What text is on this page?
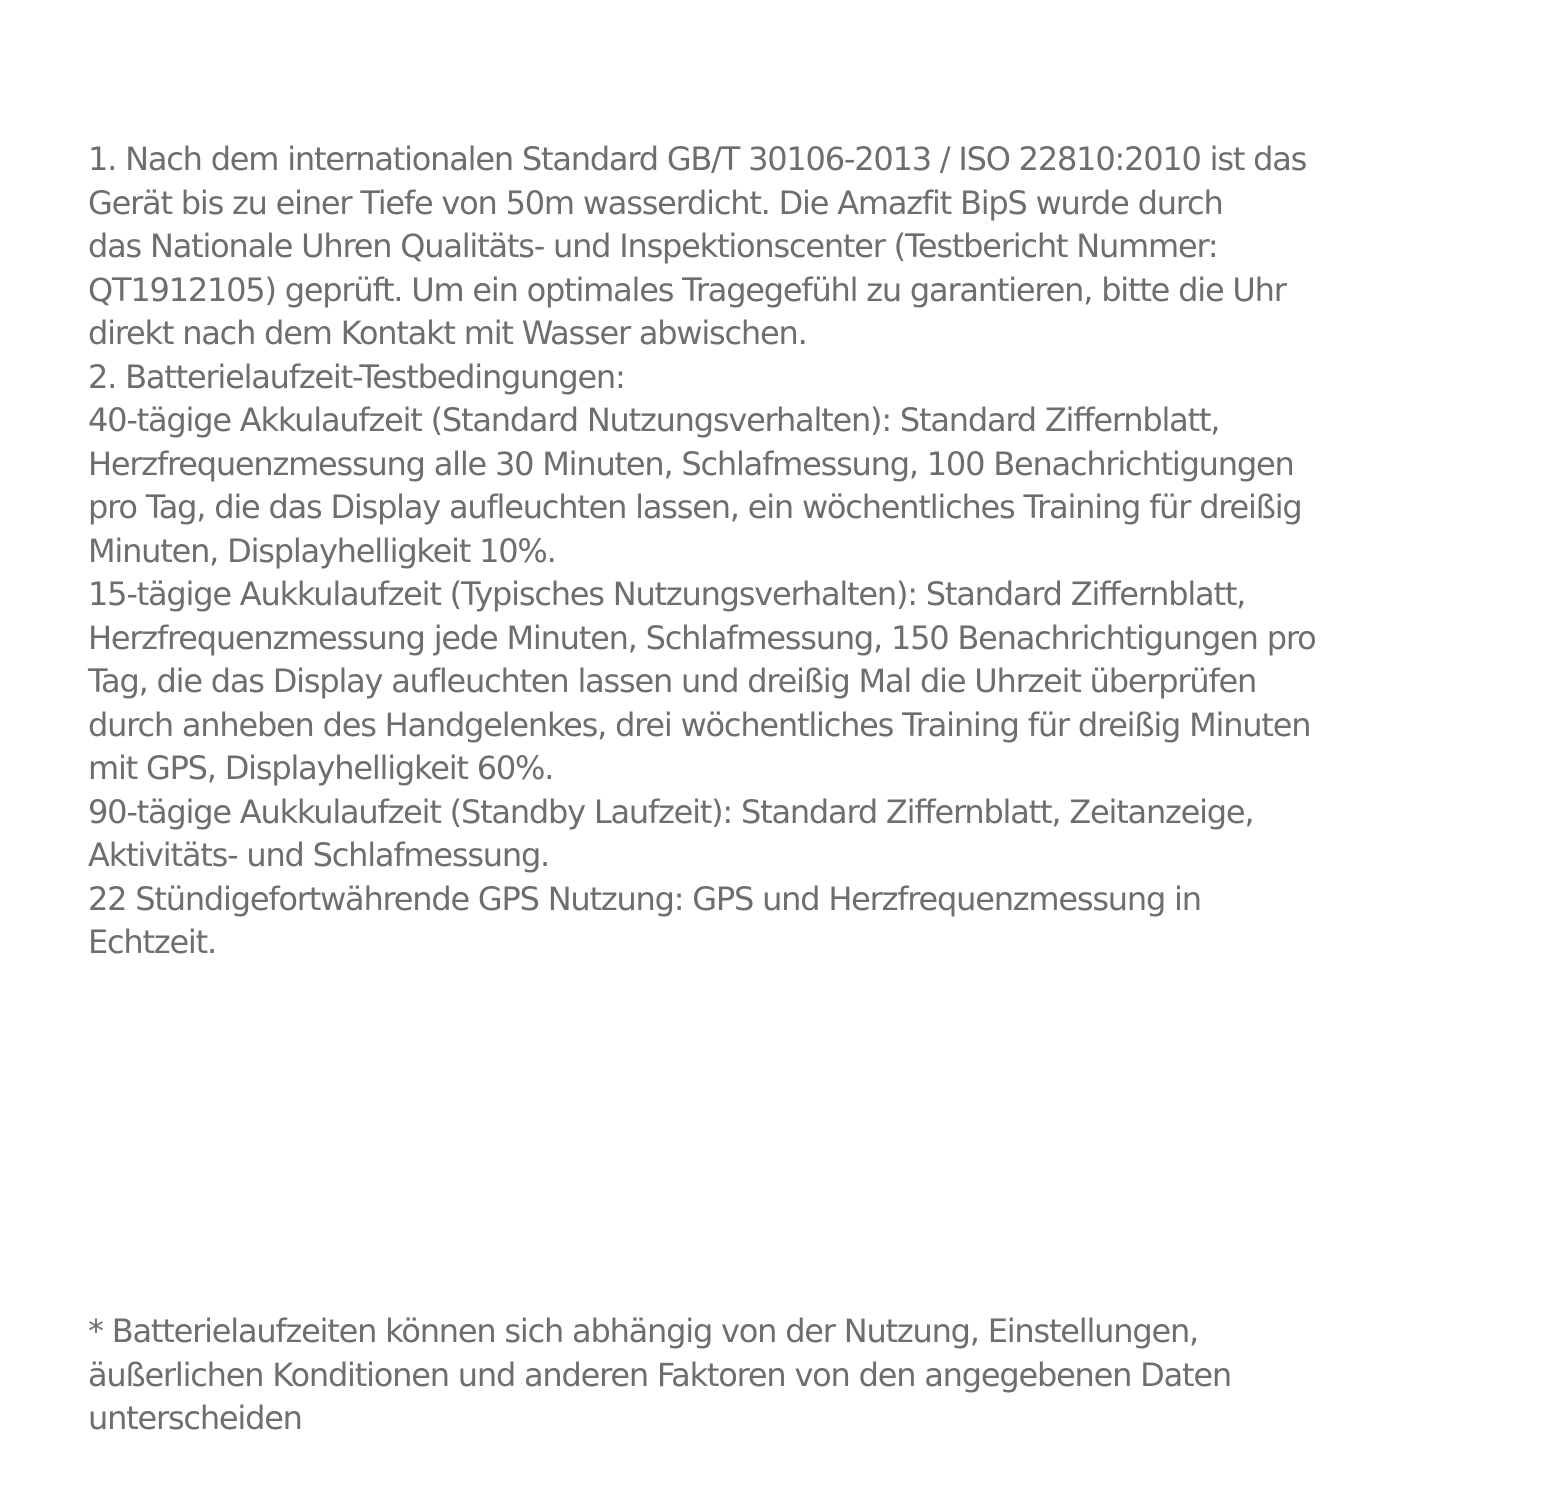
1. Nach dem internationalen Standard GB/T 30106-2013 / ISO 22810:2010 ist das
Gerät bis zu einer Tiefe von 50m wasserdicht. Die Amazfit BipS wurde durch
das Nationale Uhren Qualitäts- und Inspektionscenter (Testbericht Nummer:
QT1912105) geprüft. Um ein optimales Tragegefühl zu garantieren, bitte die Uhr
direkt nach dem Kontakt mit Wasser abwischen.

2. Batterielaufzeit-Testbedingungen:

40-tägige Akkulaufzeit (Standard Nutzungsverhalten): Standard Ziffernblatt,
Herzfrequenzmessung alle 30 Minuten, Schlafmessung, 100 Benachrichtigungen
pro Tag, die das Display aufleuchten lassen, ein wöchentliches Training für dreißig
Minuten, Displayhelligkeit 10%.

15-tägige Aukkulaufzeit (Typisches Nutzungsverhalten): Standard Ziffernblatt,
Herzfrequenzmessung jede Minuten, Schlafmessung, 150 Benachrichtigungen pro
Tag, die das Display aufleuchten lassen und dreißig Mal die Uhrzeit überprüfen
durch anheben des Handgelenkes, drei wöchentliches Training für dreißig Minuten
mit GPS, Displayhelligkeit 60%.

90-tägige Aukkulaufzeit (Standby Laufzeit): Standard Ziffernblatt, Zeitanzeige,
Aktivitäts- und Schlafmessung.

22 Stündigefortwährende GPS Nutzung: GPS und Herzfrequenzmessung in
Echtzeit.

* Batterielaufzeiten können sich abhängig von der Nutzung, Einstellungen,
äußerlichen Konditionen und anderen Faktoren von den angegebenen Daten
unterscheiden
